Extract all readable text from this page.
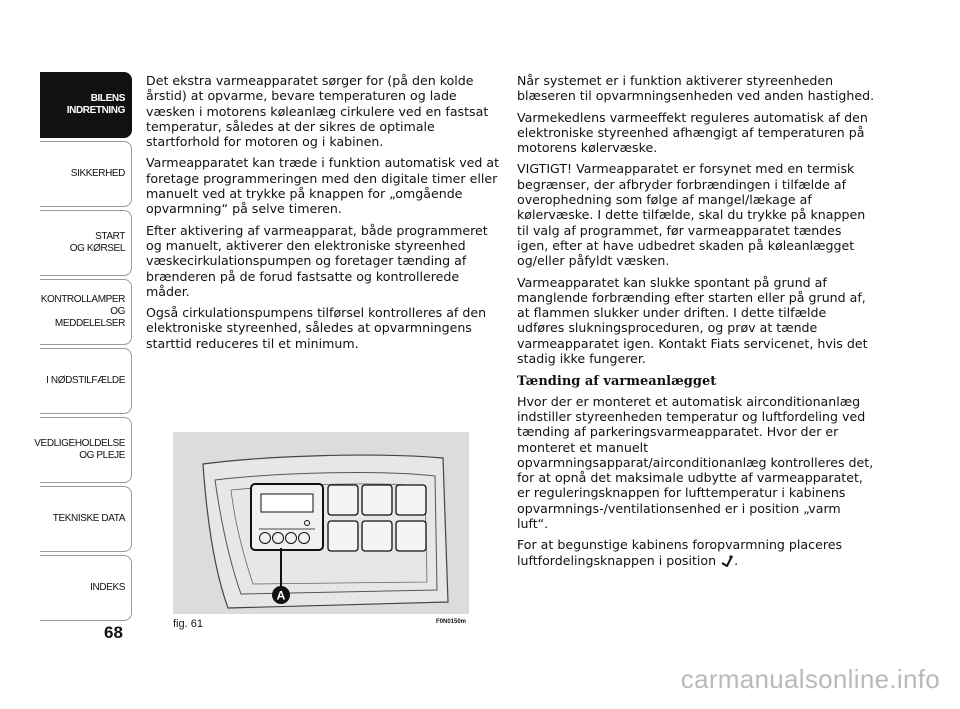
BILENS
INDRETNING
SIKKERHED
START
OG KØRSEL
KONTROLLAMPER
OG MEDDELELSER
I NØDSTILFÆLDE
VEDLIGEHOLDELSE
OG PLEJE
TEKNISKE DATA
INDEKS
68

Det ekstra varmeapparatet sørger for (på den kolde årstid) at opvarme, bevare temperaturen og lade væsken i motorens køleanlæg cirkulere ved en fastsat temperatur, således at der sikres de optimale startforhold for motoren og i kabinen.

Varmeapparatet kan træde i funktion automatisk ved at foretage programmeringen med den digitale timer eller manuelt ved at trykke på knappen for „omgående opvarmning“ på selve timeren.

Efter aktivering af varmeapparat, både programmeret og manuelt, aktiverer den elektroniske styreenhed væskecirkulationspumpen og foretager tænding af brænderen på de forud fastsatte og kontrollerede måder.

Også cirkulationspumpens tilførsel kontrolleres af den elektroniske styreenhed, således at opvarmningens starttid reduceres til et minimum.

Når systemet er i funktion aktiverer styreenheden blæseren til opvarmningsenheden ved anden hastighed.

Varmekedlens varmeeffekt reguleres automatisk af den elektroniske styreenhed afhængigt af temperaturen på motorens kølervæske.

VIGTIGT! Varmeapparatet er forsynet med en termisk begrænser, der afbryder forbrændingen i tilfælde af overophedning som følge af mangel/lækage af kølervæske. I dette tilfælde, skal du trykke på knappen til valg af programmet, før varmeapparatet tændes igen, efter at have udbedret skaden på køleanlægget og/eller påfyldt væsken.

Varmeapparatet kan slukke spontant på grund af manglende forbrænding efter starten eller på grund af, at flammen slukker under driften. I dette tilfælde udføres slukningsproceduren, og prøv at tænde varmeapparatet igen. Kontakt Fiats servicenet, hvis det stadig ikke fungerer.

Tænding af varmeanlægget

Hvor der er monteret et automatisk airconditionanlæg indstiller styreenheden temperatur og luftfordeling ved tænding af parkeringsvarmeapparatet. Hvor der er monteret et manuelt opvarmningsapparat/airconditionanlæg kontrolleres det, for at opnå det maksimale udbytte af varmeapparatet, er reguleringsknappen for lufttemperatur i kabinens opvarmnings-/ventilationsenhed er i position „varm luft“.

For at begunstige kabinens foropvarmning placeres luftfordelingsknappen i position .

A
fig. 61	F0N0150m
carmanualsonline.info
